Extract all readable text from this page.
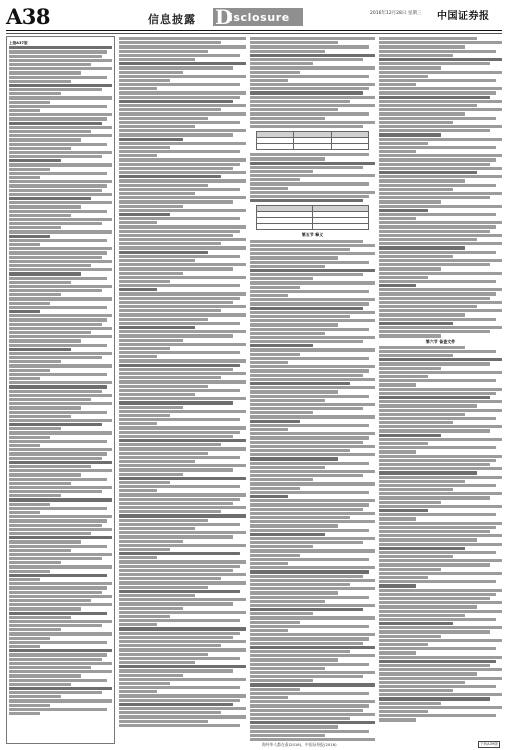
A38	信息披露 D
isclosure	2016年12月28日 星期三 中国证券报
上接A37版

第五节 释义
第六节 备查文件
海外华人都在看(2016)，中国证券报(2016)	下转A39版
